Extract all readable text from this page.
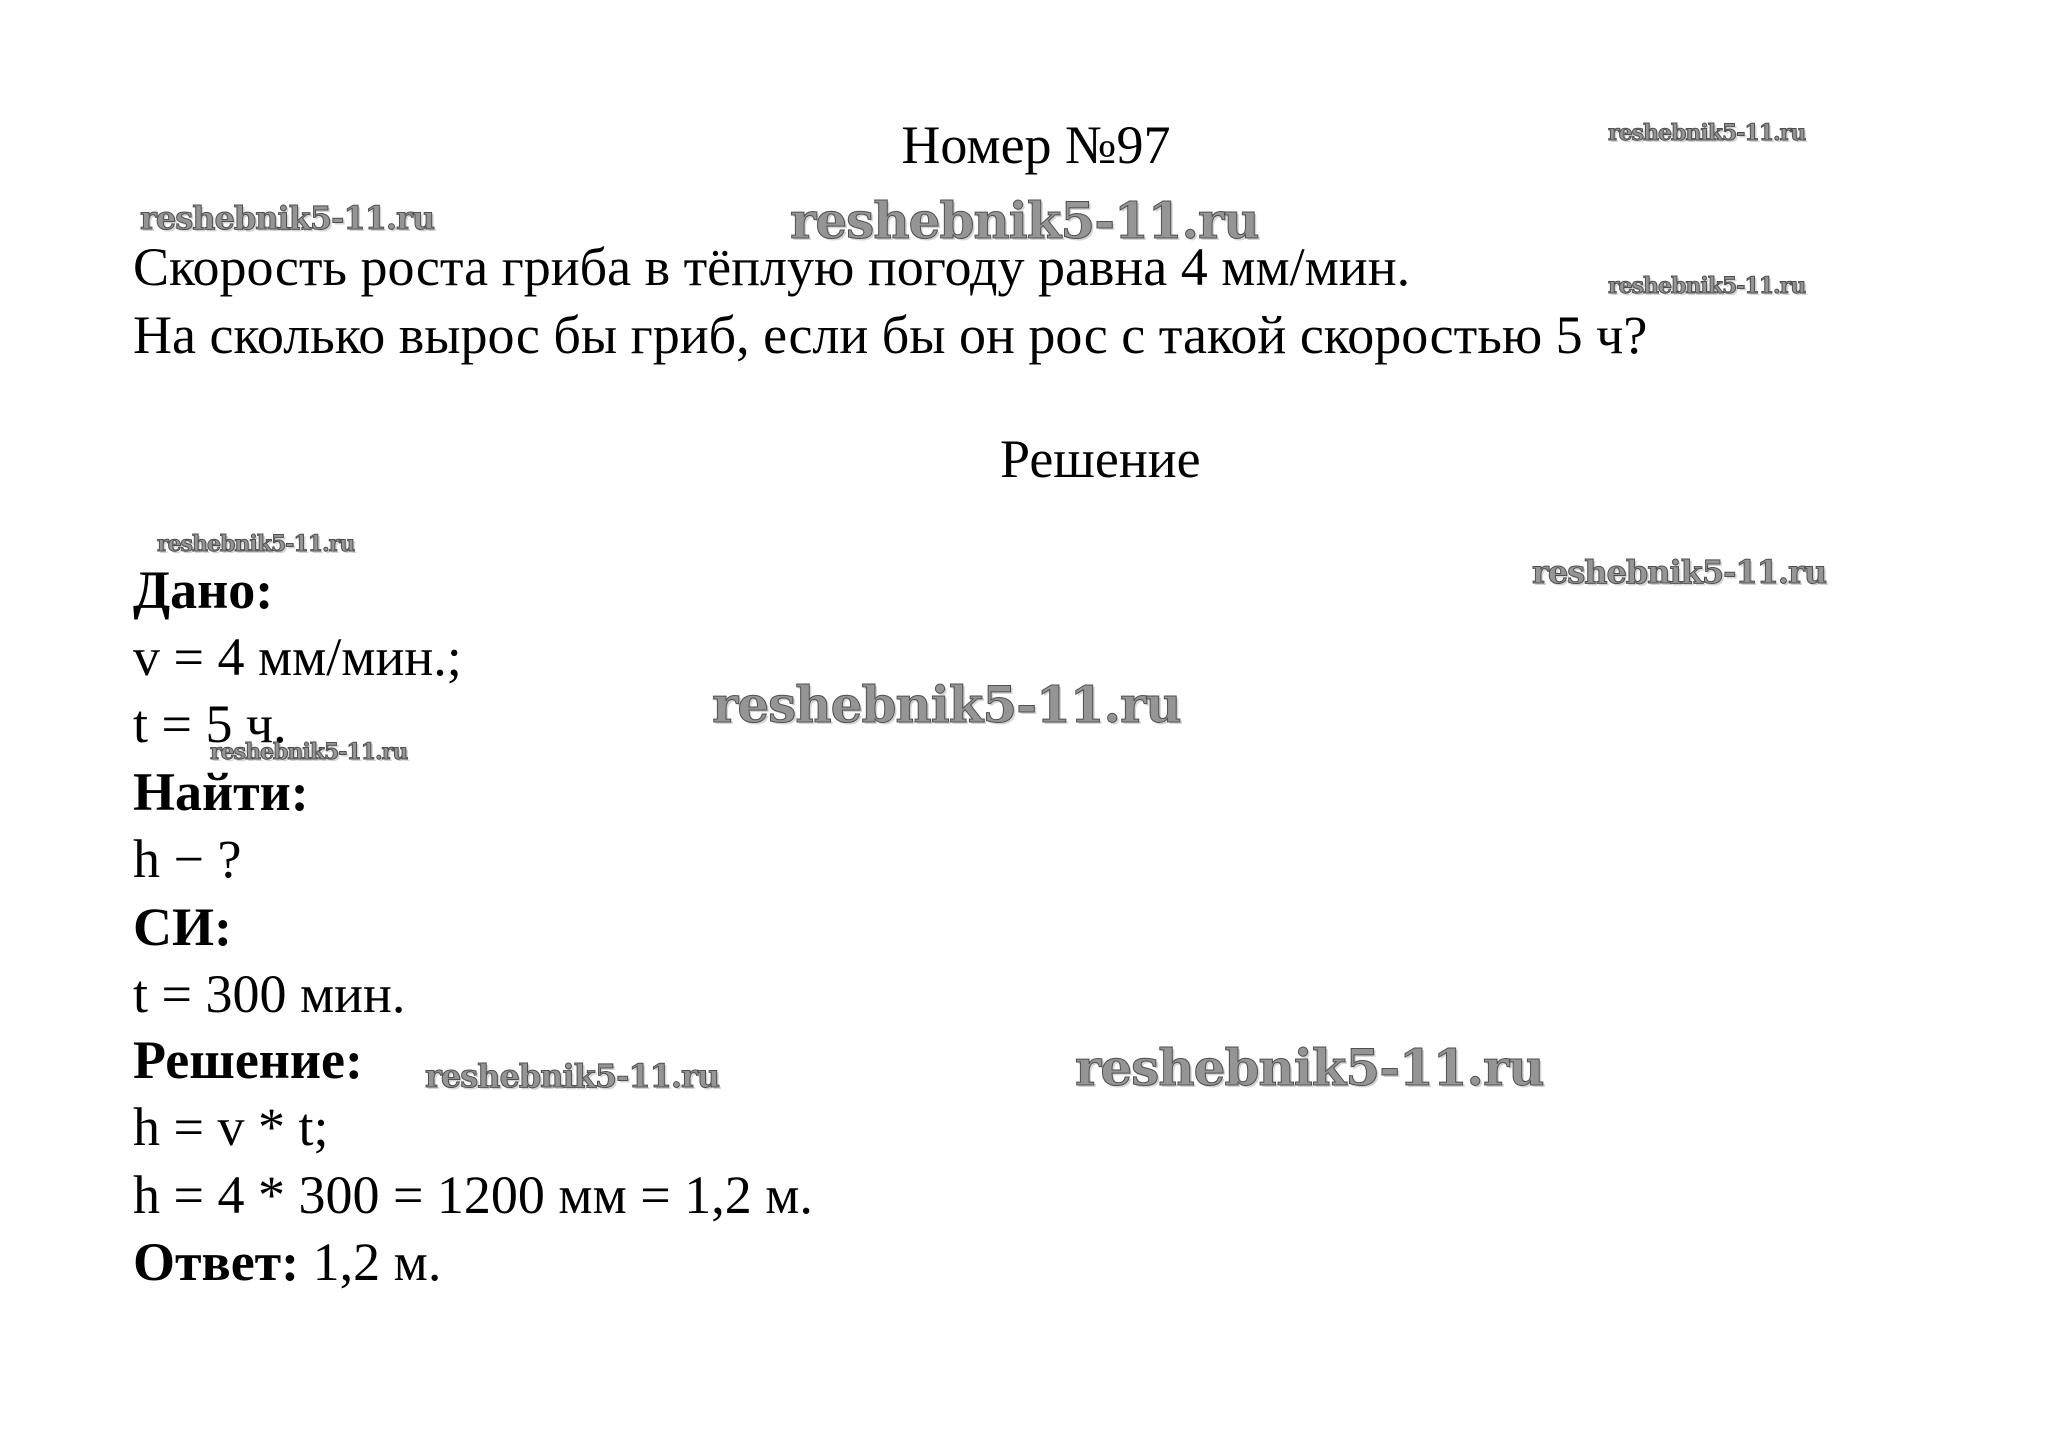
Номер №97
Скорость роста гриба в тёплую погоду равна 4 мм/мин.
На сколько вырос бы гриб, если бы он рос с такой скоростью 5 ч?
Решение
Дано:
v = 4 мм/мин.;
t = 5 ч.
Найти:
h − ?
СИ:
t = 300 мин.
Решение:
h = v * t;
h = 4 * 300 = 1200 мм = 1,2 м.
Ответ: 1,2 м.
reshebnik5-11.ru
reshebnik5-11.ru	reshebnik5-11.ru
reshebnik5-11.ru
reshebnik5-11.ru
reshebnik5-11.ru
reshebnik5-11.ru
reshebnik5-11.ru
reshebnik5-11.ru	reshebnik5-11.ru
